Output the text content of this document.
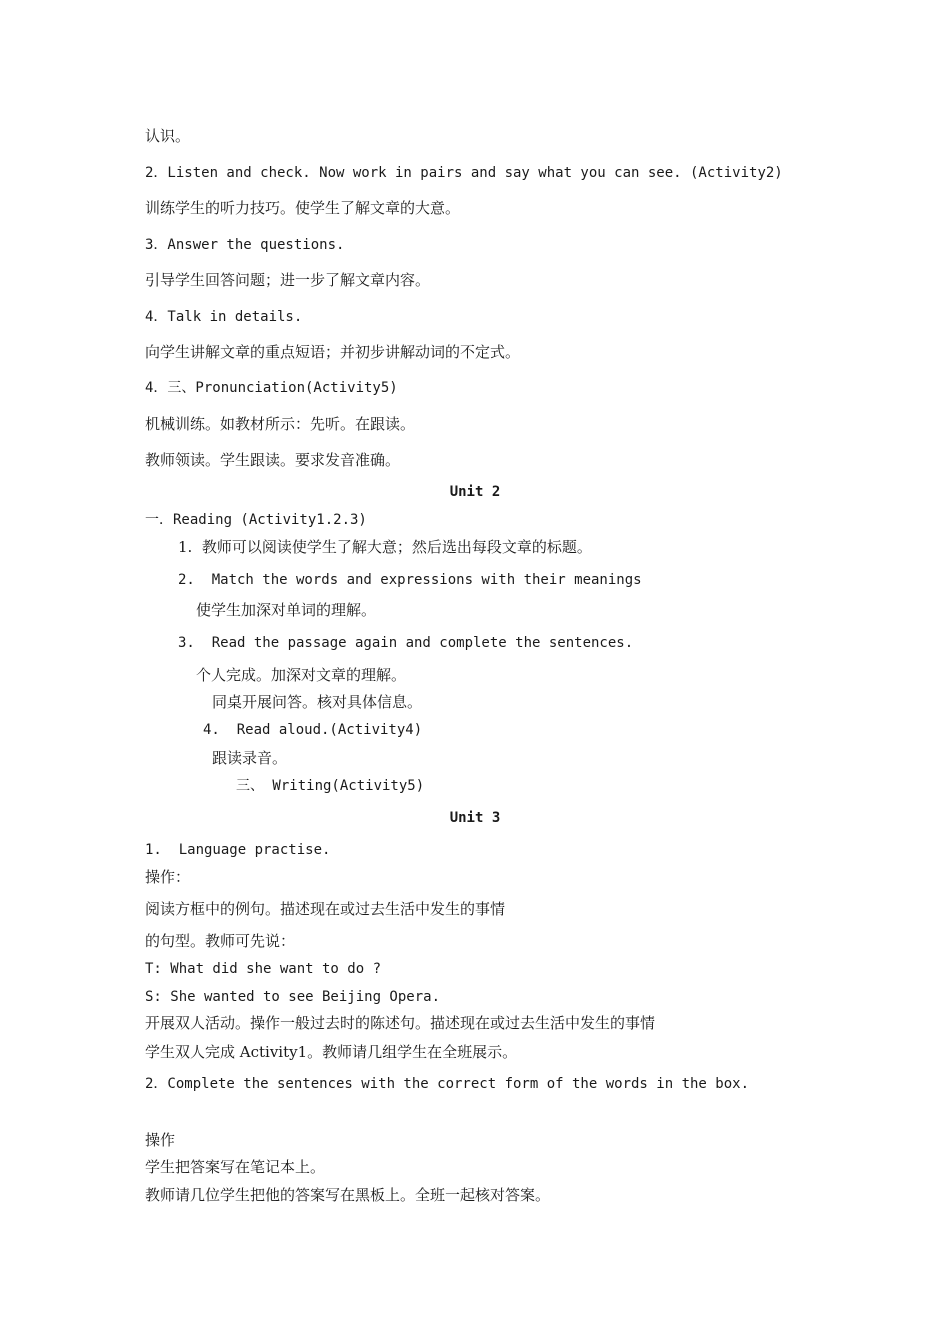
认识。

2．Listen and check. Now work in pairs and say what you can see. (Activity2)

训练学生的听力技巧。使学生了解文章的大意。

3．Answer the questions.

引导学生回答问题；进一步了解文章内容。

4．Talk in details.

向学生讲解文章的重点短语；并初步讲解动词的不定式。

4．三、Pronunciation(Activity5)

机械训练。如教材所示：先听。在跟读。

教师领读。学生跟读。要求发音准确。

Unit 2

一．Reading (Activity1.2.3)

1.  教师可以阅读使学生了解大意；然后选出每段文章的标题。

2.  Match the words and expressions with their meanings

使学生加深对单词的理解。

3.  Read the passage again and complete the sentences.

个人完成。加深对文章的理解。

同桌开展问答。核对具体信息。

4.  Read aloud.(Activity4)

跟读录音。

三、 Writing(Activity5)

Unit 3

1.  Language practise.

操作：

阅读方框中的例句。描述现在或过去生活中发生的事情

的句型。教师可先说：

T: What did she want to do ?

S: She wanted to see Beijing Opera.

开展双人活动。操作一般过去时的陈述句。描述现在或过去生活中发生的事情

学生双人完成 Activity1。教师请几组学生在全班展示。

2．Complete the sentences with the correct form of the words in the box.

操作

学生把答案写在笔记本上。

教师请几位学生把他的答案写在黑板上。全班一起核对答案。
